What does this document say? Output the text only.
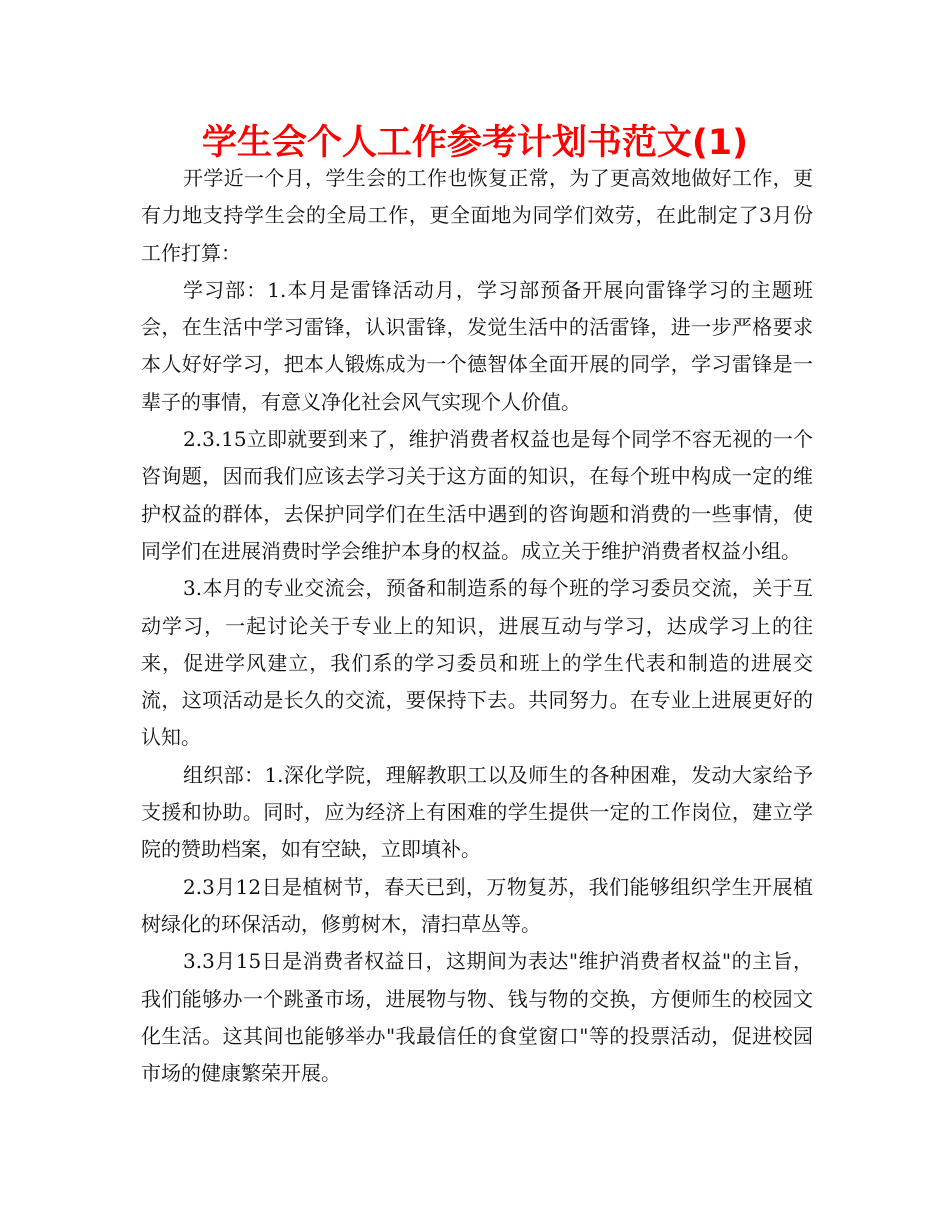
学生会个人工作参考计划书范文(1)

开学近一个月，学生会的工作也恢复正常，为了更高效地做好工作，更有力地支持学生会的全局工作，更全面地为同学们效劳，在此制定了3月份工作打算：

学习部：1.本月是雷锋活动月，学习部预备开展向雷锋学习的主题班会，在生活中学习雷锋，认识雷锋，发觉生活中的活雷锋，进一步严格要求本人好好学习，把本人锻炼成为一个德智体全面开展的同学，学习雷锋是一辈子的事情，有意义净化社会风气实现个人价值。

2.3.15立即就要到来了，维护消费者权益也是每个同学不容无视的一个咨询题，因而我们应该去学习关于这方面的知识，在每个班中构成一定的维护权益的群体，去保护同学们在生活中遇到的咨询题和消费的一些事情，使同学们在进展消费时学会维护本身的权益。成立关于维护消费者权益小组。

3.本月的专业交流会，预备和制造系的每个班的学习委员交流，关于互动学习，一起讨论关于专业上的知识，进展互动与学习，达成学习上的往来，促进学风建立，我们系的学习委员和班上的学生代表和制造的进展交流，这项活动是长久的交流，要保持下去。共同努力。在专业上进展更好的认知。

组织部：1.深化学院，理解教职工以及师生的各种困难，发动大家给予支援和协助。同时，应为经济上有困难的学生提供一定的工作岗位，建立学院的赞助档案，如有空缺，立即填补。

2.3月12日是植树节，春天已到，万物复苏，我们能够组织学生开展植树绿化的环保活动，修剪树木，清扫草丛等。

3.3月15日是消费者权益日，这期间为表达"维护消费者权益"的主旨，我们能够办一个跳蚤市场，进展物与物、钱与物的交换，方便师生的校园文化生活。这其间也能够举办"我最信任的食堂窗口"等的投票活动，促进校园市场的健康繁荣开展。
